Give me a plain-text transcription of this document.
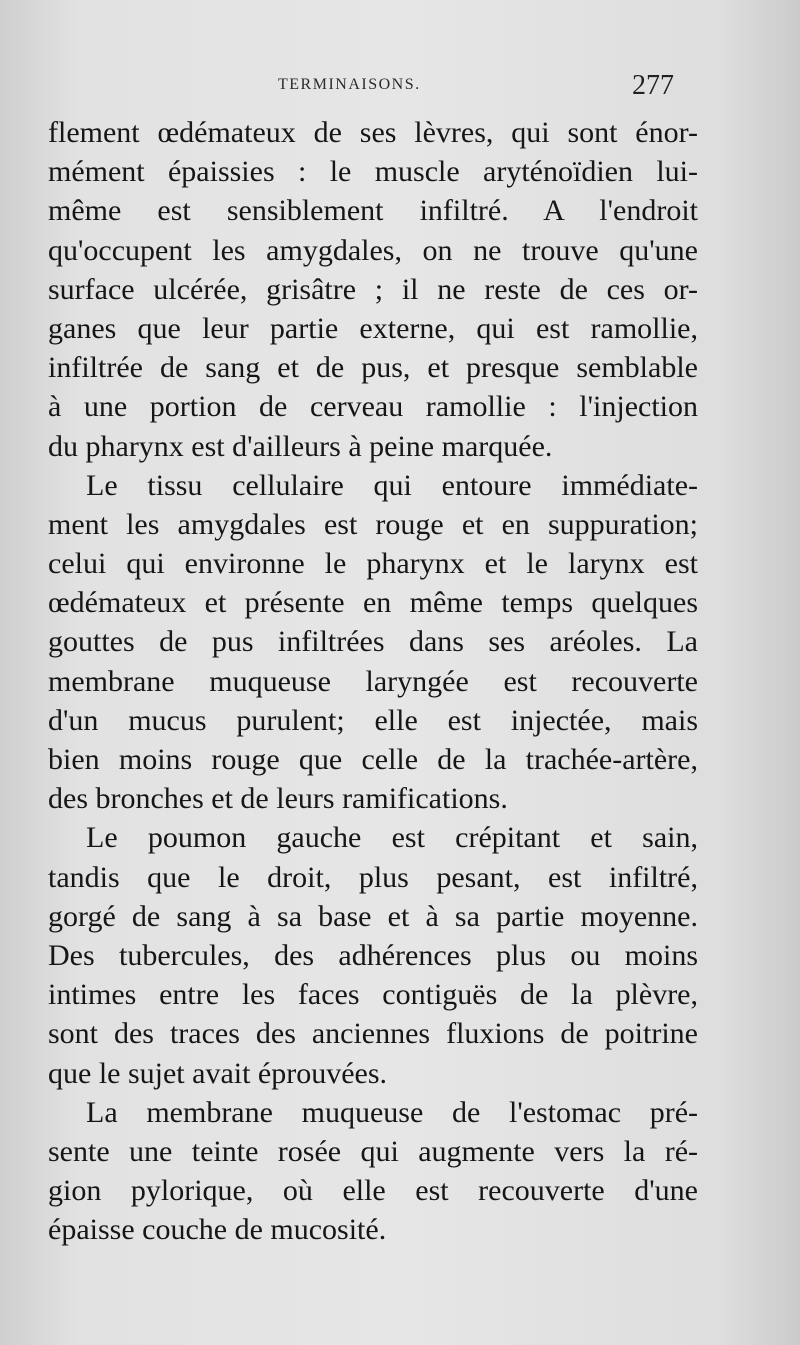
TERMINAISONS.	277
flement œdémateux de ses lèvres, qui sont énor-
mément épaissies : le muscle aryténoïdien lui-
même est sensiblement infiltré. A l'endroit
qu'occupent les amygdales, on ne trouve qu'une
surface ulcérée, grisâtre ; il ne reste de ces or-
ganes que leur partie externe, qui est ramollie,
infiltrée de sang et de pus, et presque semblable
à une portion de cerveau ramollie : l'injection
du pharynx est d'ailleurs à peine marquée.
Le tissu cellulaire qui entoure immédiate-
ment les amygdales est rouge et en suppuration;
celui qui environne le pharynx et le larynx est
œdémateux et présente en même temps quelques
gouttes de pus infiltrées dans ses aréoles. La
membrane muqueuse laryngée est recouverte
d'un mucus purulent; elle est injectée, mais
bien moins rouge que celle de la trachée-artère,
des bronches et de leurs ramifications.
Le poumon gauche est crépitant et sain,
tandis que le droit, plus pesant, est infiltré,
gorgé de sang à sa base et à sa partie moyenne.
Des tubercules, des adhérences plus ou moins
intimes entre les faces contiguës de la plèvre,
sont des traces des anciennes fluxions de poitrine
que le sujet avait éprouvées.
La membrane muqueuse de l'estomac pré-
sente une teinte rosée qui augmente vers la ré-
gion pylorique, où elle est recouverte d'une
épaisse couche de mucosité.
